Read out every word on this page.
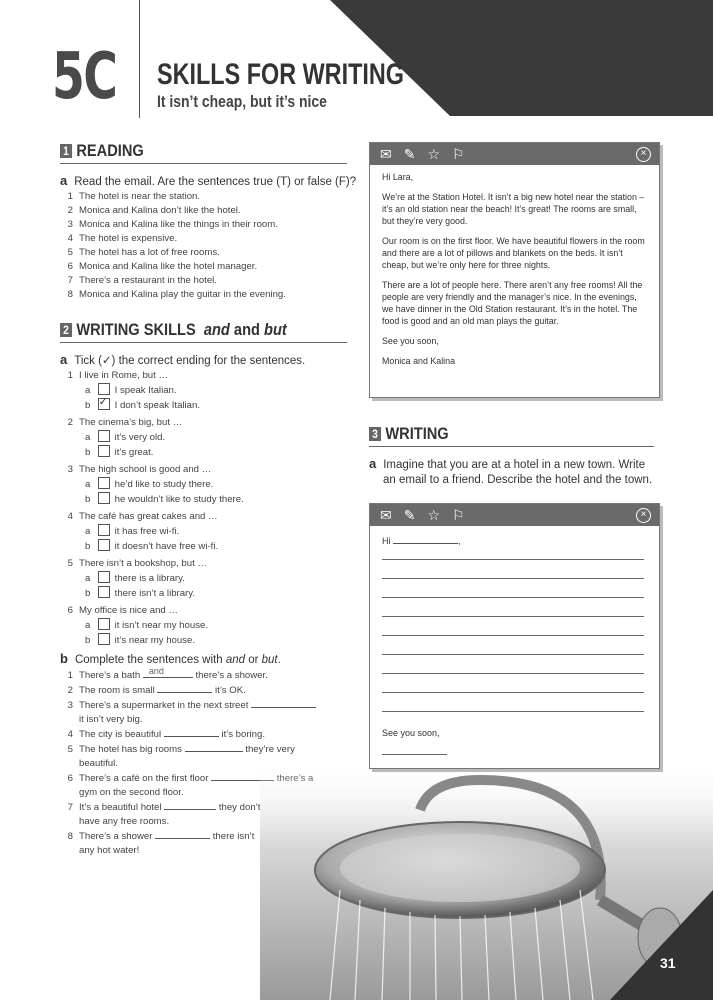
5C SKILLS FOR WRITING
It isn’t cheap, but it’s nice
1 READING
a Read the email. Are the sentences true (T) or false (F)?
1 The hotel is near the station.
2 Monica and Kalina don’t like the hotel.
3 Monica and Kalina like the things in their room.
4 The hotel is expensive.
5 The hotel has a lot of free rooms.
6 Monica and Kalina like the hotel manager.
7 There’s a restaurant in the hotel.
8 Monica and Kalina play the guitar in the evening.
2 WRITING SKILLS and and but
a Tick (✓) the correct ending for the sentences.
1 I live in Rome, but …
a	I speak Italian.
b ✓ I don’t speak Italian.
2 The cinema’s big, but …
a	it’s very old.
b	it’s great.
3 The high school is good and …
a	he’d like to study there.
b	he wouldn’t like to study there.
4 The café has great cakes and …
a	it has free wi-fi.
b	it doesn’t have free wi-fi.
5 There isn’t a bookshop, but …
a	there is a library.
b	there isn’t a library.
6 My office is nice and …
a	it isn’t near my house.
b	it’s near my house.
b Complete the sentences with and or but.
1 There’s a bath and	there’s a shower.
2 The room is small	it’s OK.
3 There’s a supermarket in the next street
it isn’t very big.
4 The city is beautiful	it’s boring.
5 The hotel has big rooms	they’re very
beautiful.
6 There’s a café on the first floor
gym on the second floor.
7 It’s a beautiful hotel	they don’t
have any free rooms.
8 There’s a shower	there isn’t
any hot water!
31
✉ ✎ ☆ ⚐	×

Hi Lara,

We’re at the Station Hotel. It isn’t a big new hotel near the station – it’s an old station near the beach! It’s great! The rooms are small, but they’re very good.

Our room is on the first floor. We have beautiful flowers in the room and there are a lot of pillows and blankets on the beds. It isn’t cheap, but we’re only here for three nights.

There are a lot of people here. There aren’t any free rooms! All the people are very friendly and the manager’s nice. In the evenings, we have dinner in the Old Station restaurant. It’s in the hotel. The food is good and an old man plays the guitar.

See you soon,

Monica and Kalina

3 WRITING
a Imagine that you are at a hotel in a new town. Write
an email to a friend. Describe the hotel and the town.
✉ ✎ ☆ ⚐	×
Hi	,
See you soon,
